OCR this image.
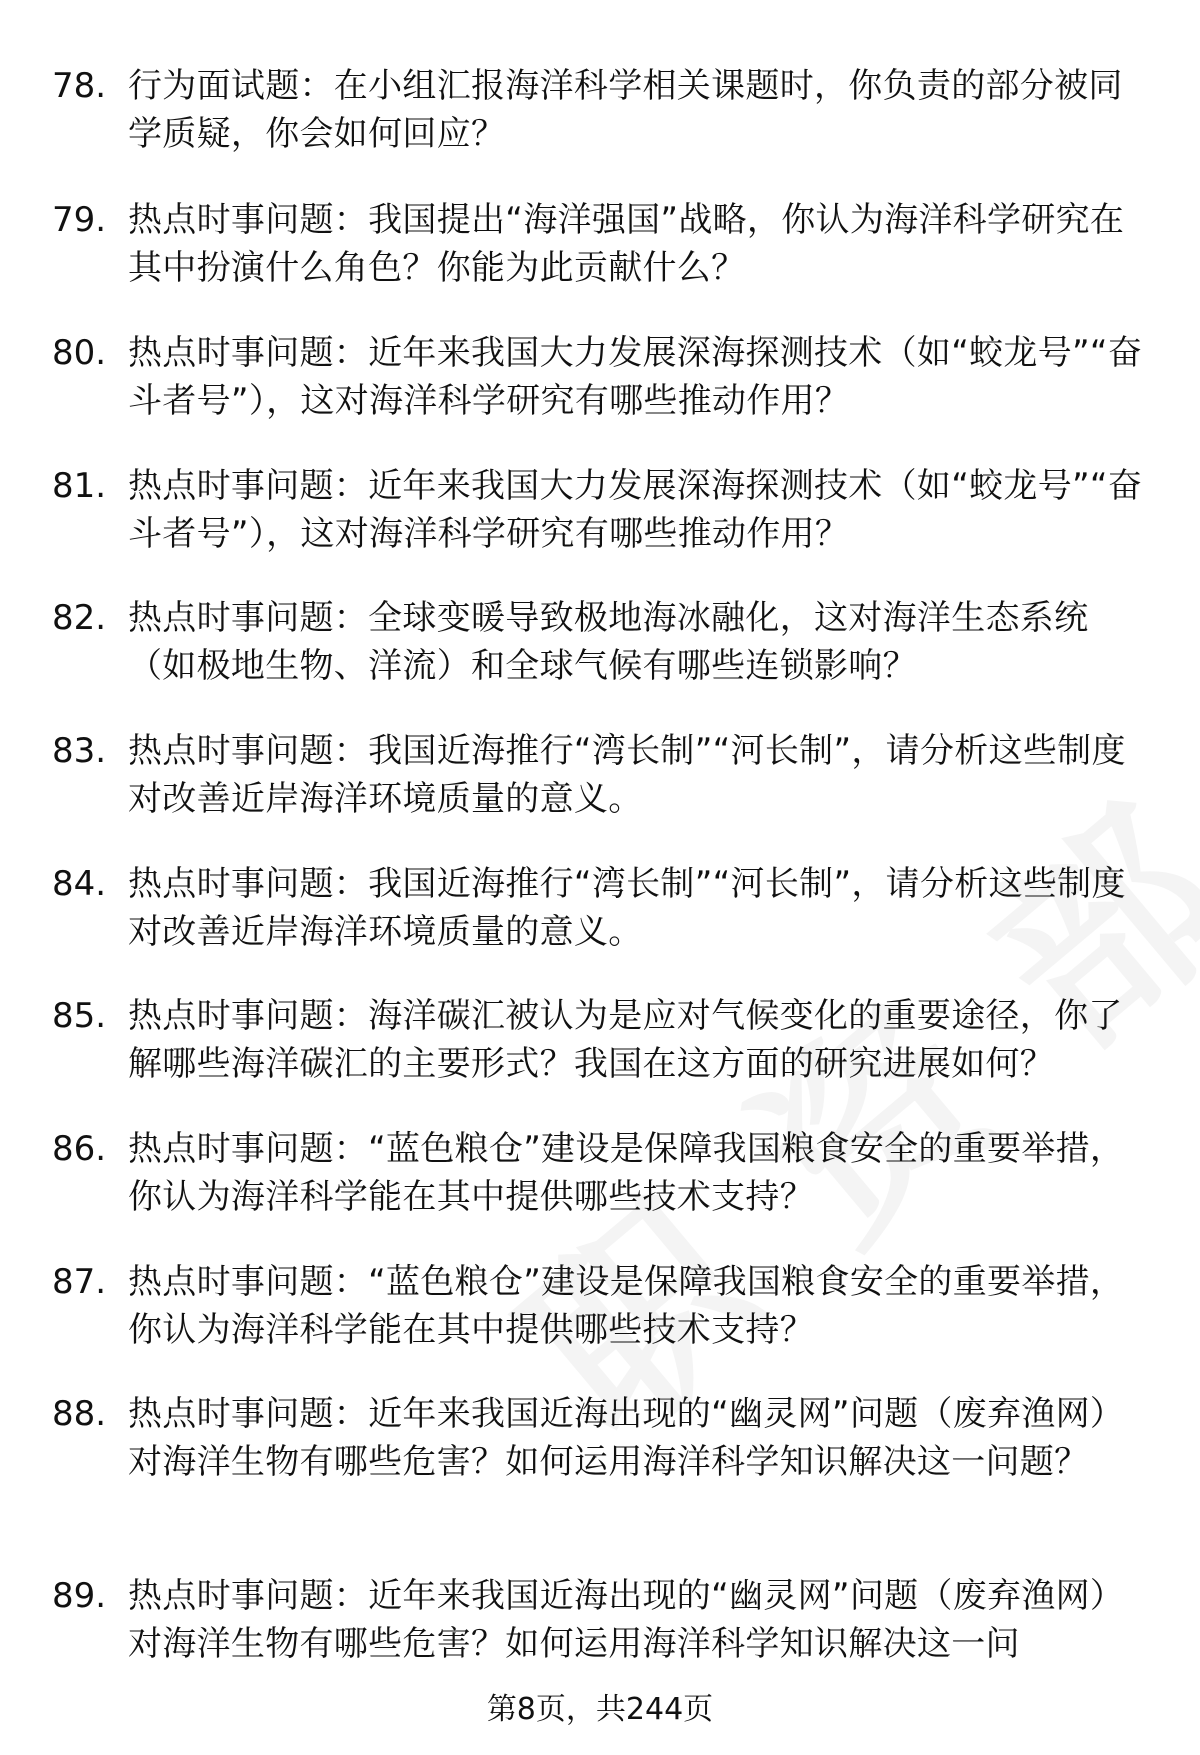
78. 行为面试题：在小组汇报海洋科学相关课题时，你负责的部分被同学质疑，你会如何回应？
79. 热点时事问题：我国提出“海洋强国”战略，你认为海洋科学研究在其中扮演什么角色？你能为此贡献什么？
80. 热点时事问题：近年来我国大力发展深海探测技术（如“蛟龙号”“奋斗者号”），这对海洋科学研究有哪些推动作用？
81. 热点时事问题：近年来我国大力发展深海探测技术（如“蛟龙号”“奋斗者号”），这对海洋科学研究有哪些推动作用？
82. 热点时事问题：全球变暖导致极地海冰融化，这对海洋生态系统（如极地生物、洋流）和全球气候有哪些连锁影响？
83. 热点时事问题：我国近海推行“湾长制”“河长制”，请分析这些制度对改善近岸海洋环境质量的意义。
84. 热点时事问题：我国近海推行“湾长制”“河长制”，请分析这些制度对改善近岸海洋环境质量的意义。
85. 热点时事问题：海洋碳汇被认为是应对气候变化的重要途径，你了解哪些海洋碳汇的主要形式？我国在这方面的研究进展如何？
86. 热点时事问题：“蓝色粮仓”建设是保障我国粮食安全的重要举措，你认为海洋科学能在其中提供哪些技术支持？
87. 热点时事问题：“蓝色粮仓”建设是保障我国粮食安全的重要举措，你认为海洋科学能在其中提供哪些技术支持？
88. 热点时事问题：近年来我国近海出现的“幽灵网”问题（废弃渔网）对海洋生物有哪些危害？如何运用海洋科学知识解决这一问题？
89. 热点时事问题：近年来我国近海出现的“幽灵网”问题（废弃渔网）对海洋生物有哪些危害？如何运用海洋科学知识解决这一问
第8页，共244页
